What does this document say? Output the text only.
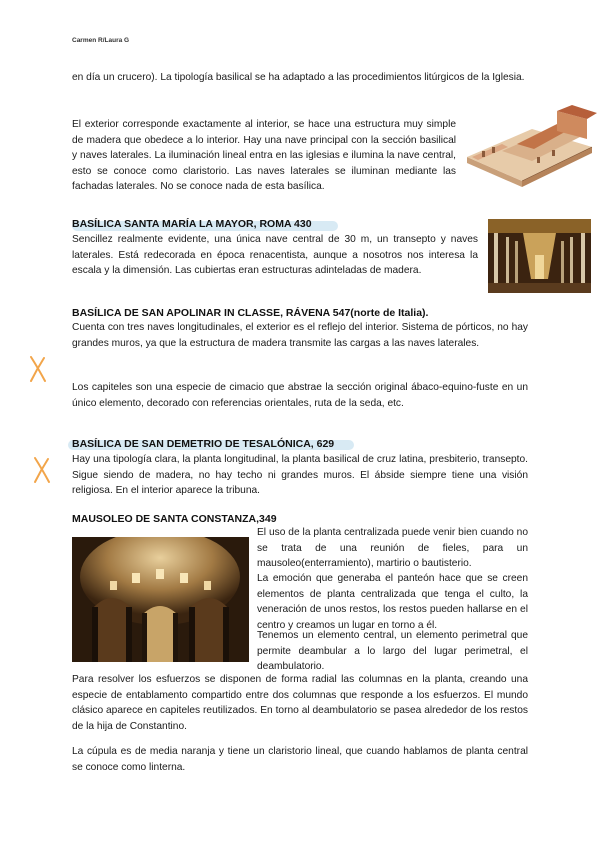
Carmen R/Laura G

en día un crucero). La tipología basilical se ha adaptado a las procedimientos litúrgicos de la Iglesia.

El exterior corresponde exactamente al interior, se hace una estructura muy simple de madera que obedece a lo interior. Hay una nave principal con la sección basilical y naves laterales. La iluminación lineal entra en las iglesias e ilumina la nave central, esto se conoce como claristorio. Las naves laterales se iluminan mediante las fachadas laterales. No se conoce nada de esta basílica.

BASÍLICA SANTA MARÍA LA MAYOR, ROMA 430

Sencillez realmente evidente, una única nave central de 30 m, un transepto y naves laterales. Está redecorada en época renacentista, aunque a nosotros nos interesa la escala y la dimensión. Las cubiertas eran estructuras adinteladas de madera.

BASÍLICA DE SAN APOLINAR IN CLASSE, RÁVENA 547(norte de Italia).

Cuenta con tres naves longitudinales, el exterior es el reflejo del interior. Sistema de pórticos, no hay grandes muros, ya que la estructura de madera transmite las cargas a las naves laterales.

Los capiteles son una especie de cimacio que abstrae la sección original ábaco-equino-fuste en un único elemento, decorado con referencias orientales, ruta de la seda, etc.

BASÍLICA DE SAN DEMETRIO DE TESALÓNICA, 629

Hay una tipología clara, la planta longitudinal, la planta basilical de cruz latina, presbiterio, transepto. Sigue siendo de madera, no hay techo ni grandes muros. El ábside siempre tiene una visión religiosa. En el interior aparece la tribuna.

MAUSOLEO DE SANTA CONSTANZA,349

El uso de la planta centralizada puede venir bien cuando no se trata de una reunión de fieles, para un mausoleo(enterramiento), martirio o bautisterio.

La emoción que generaba el panteón hace que se creen elementos de planta centralizada que tenga el culto, la veneración de unos restos, los restos pueden hallarse en el centro y creamos un lugar en torno a él.

Tenemos un elemento central, un elemento perimetral que permite deambular a lo largo del lugar perimetral, el deambulatorio.

Para resolver los esfuerzos se disponen de forma radial las columnas en la planta, creando una especie de entablamento compartido entre dos columnas que responde a los esfuerzos. El mundo clásico aparece en capiteles reutilizados. En torno al deambulatorio se pasea alrededor de los restos de la hija de Constantino.

La cúpula es de media naranja y tiene un claristorio lineal, que cuando hablamos de planta central se conoce como linterna.
